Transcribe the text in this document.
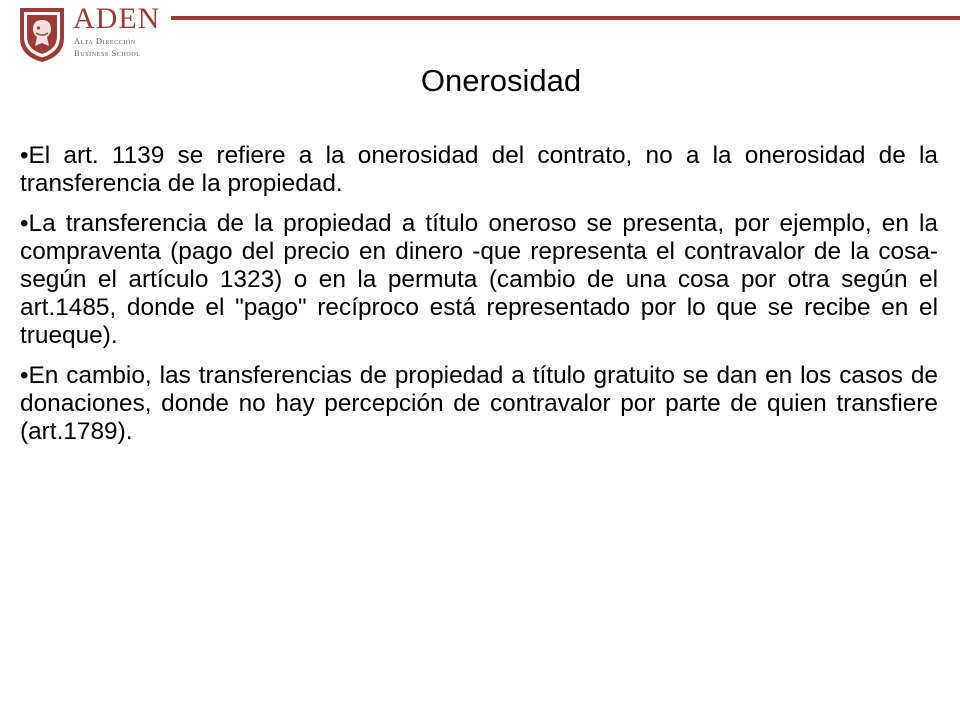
ADEN
Alta Dirección
Business School
Onerosidad

•El art. 1139 se refiere a la onerosidad del contrato, no a la onerosidad de la transferencia de la propiedad.

•La transferencia de la propiedad a título oneroso se presenta, por ejemplo, en la compraventa (pago del precio en dinero -que representa el contravalor de la cosa- según el artículo 1323) o en la permuta (cambio de una cosa por otra según el art.1485, donde el "pago" recíproco está representado por lo que se recibe en el trueque).

•En cambio, las transferencias de propiedad a título gratuito se dan en los casos de donaciones, donde no hay percepción de contravalor por parte de quien transfiere (art.1789).
